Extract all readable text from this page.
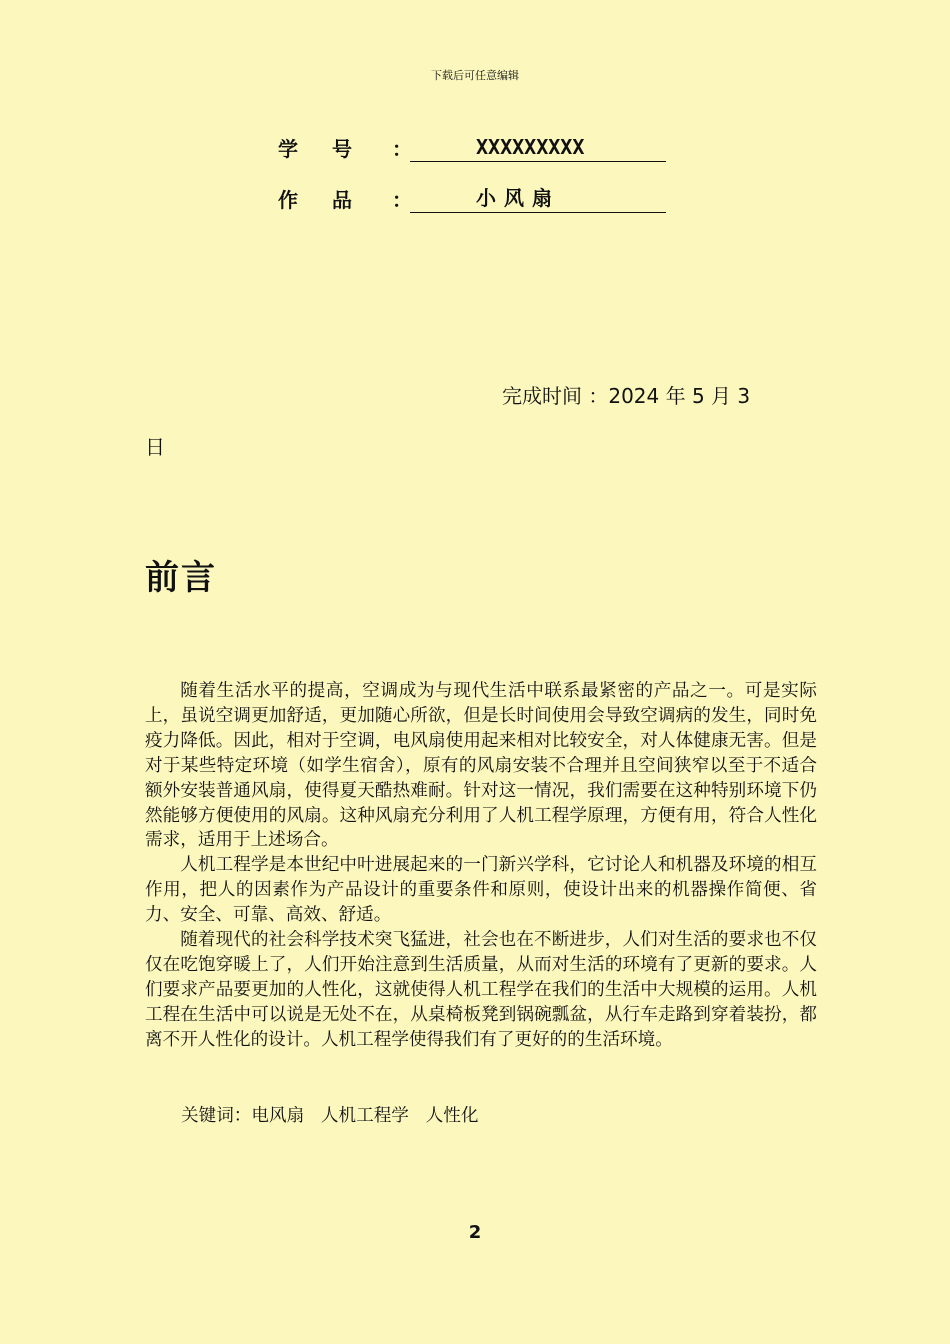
下载后可任意编辑
学号 ：	XXXXXXXXX
作品 ：	小风扇
完成时间 ：2024 年 5 月 3
日
前言

随着生活水平的提高，空调成为与现代生活中联系最紧密的产品之一。可是实际上，虽说空调更加舒适，更加随心所欲，但是长时间使用会导致空调病的发生，同时免疫力降低。因此，相对于空调，电风扇使用起来相对比较安全，对人体健康无害。但是对于某些特定环境（如学生宿舍），原有的风扇安装不合理并且空间狭窄以至于不适合额外安装普通风扇，使得夏天酷热难耐。针对这一情况，我们需要在这种特别环境下仍然能够方便使用的风扇。这种风扇充分利用了人机工程学原理，方便有用，符合人性化需求，适用于上述场合。

人机工程学是本世纪中叶进展起来的一门新兴学科，它讨论人和机器及环境的相互作用，把人的因素作为产品设计的重要条件和原则，使设计出来的机器操作简便、省力、安全、可靠、高效、舒适。

随着现代的社会科学技术突飞猛进，社会也在不断进步，人们对生活的要求也不仅仅在吃饱穿暖上了，人们开始注意到生活质量，从而对生活的环境有了更新的要求。人们要求产品要更加的人性化，这就使得人机工程学在我们的生活中大规模的运用。人机工程在生活中可以说是无处不在，从桌椅板凳到锅碗瓢盆，从行车走路到穿着装扮，都离不开人性化的设计。人机工程学使得我们有了更好的的生活环境。

关键词：电风扇   人机工程学   人性化
2
